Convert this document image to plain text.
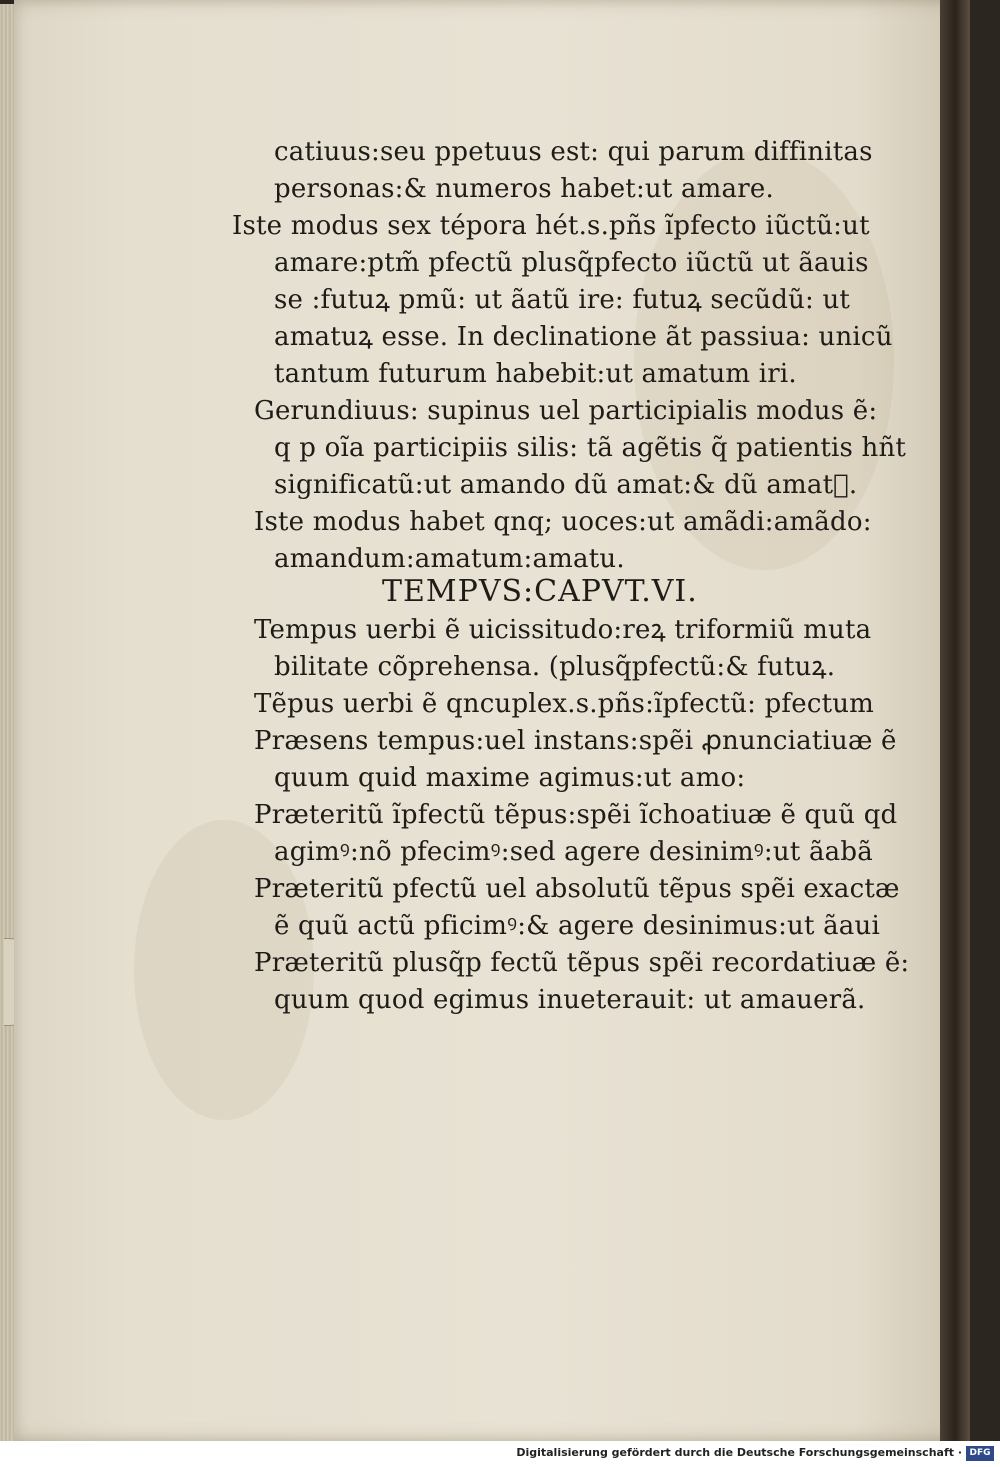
catiuus:seu ppetuus est: qui parum diffinitas
personas:& numeros habet:ut amare.
Iste modus sex tépora hét.s.pñs ĩpfecto iũctũ:ut
amare:ptm̃ pfectũ plusq̃pfecto iũctũ ut ãauis
se :futuꝝ pmũ: ut ãatũ ire: futuꝝ secũdũ: ut
amatuꝝ esse. In declinatione ãt passiua: unicũ
tantum futurum habebit:ut amatum iri.
Gerundiuus: supinus uel participialis modus ẽ:
q p oĩa participiis silis: tã agẽtis q̃ patientis hñt
significatũ:ut amando dũ amat:& dũ amat᷑.
Iste modus habet qnq; uoces:ut amãdi:amãdo:
amandum:amatum:amatu.
TEMPVS:CAPVT.VI.
Tempus uerbi ẽ uicissitudo:reꝝ triformiũ muta
bilitate cõprehensa. (plusq̃pfectũ:& futuꝝ.
Tẽpus uerbi ẽ qncuplex.s.pñs:ĩpfectũ: pfectum
Præsens tempus:uel instans:spẽi ꝓnunciatiuæ ẽ
quum quid maxime agimus:ut amo:
Præteritũ ĩpfectũ tẽpus:spẽi ĩchoatiuæ ẽ quũ qd
agimꝰ:nõ pfecimꝰ:sed agere desinimꝰ:ut ãabã
Præteritũ pfectũ uel absolutũ tẽpus spẽi exactæ
ẽ quũ actũ pficimꝰ:& agere desinimus:ut ãaui
Præteritũ plusq̃p fectũ tẽpus spẽi recordatiuæ ẽ:
quum quod egimus inueterauit: ut amauerã.
Digitalisierung gefördert durch die Deutsche Forschungsgemeinschaft · DFG
